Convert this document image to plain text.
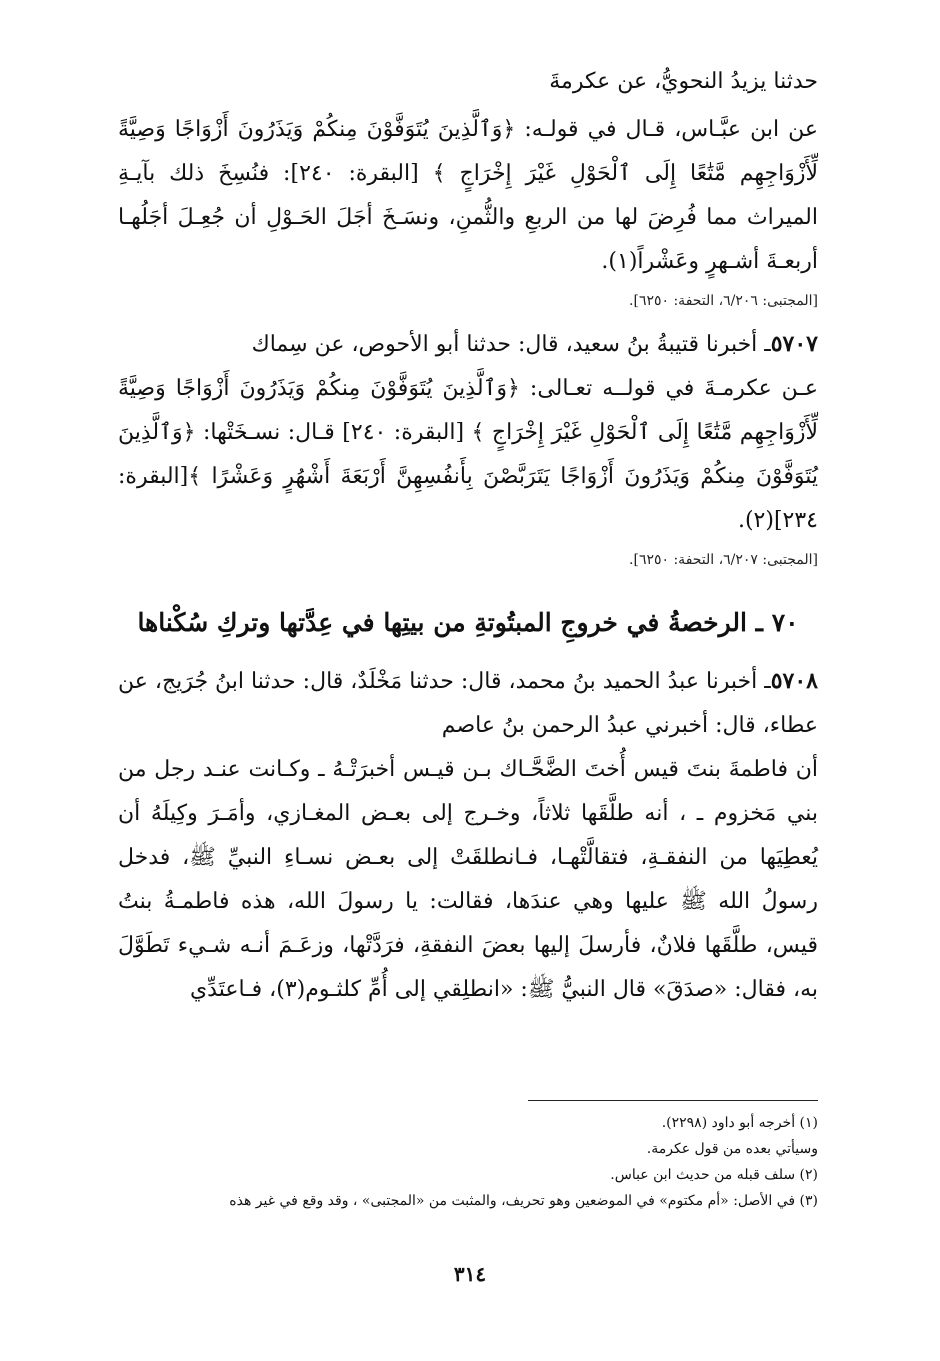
حدثنا يزيدُ النحويُّ، عن عكرمةَ

عن ابن عبَّـاس، قـال في قولـه: ﴿وَٱلَّذِينَ يُتَوَفَّوْنَ مِنكُمْ وَيَذَرُونَ أَزْوَاجًا وَصِيَّةً لِّأَزْوَاجِهِم مَّتَٰعًا إِلَى ٱلْحَوْلِ غَيْرَ إِخْرَاجٍ ﴾ [البقرة: ٢٤٠]: فنُسِخَ ذلك بآيـةِ الميراث مما فُرِضَ لها من الربعِ والثُّمنِ، ونسَـخَ أجَلَ الحَـوْلِ أن جُعِـلَ أجَلُهـا أربعـةَ أشـهرٍ وعَشْراً(١).

[المجتبى: ٦/٢٠٦، التحفة: ٦٢٥٠].

٥٧٠٧ـ أخبرنا قتيبةُ بنُ سعيد، قال: حدثنا أبو الأحوص، عن سِماك

عـن عكرمـةَ في قولــه تعـالى: ﴿وَٱلَّذِينَ يُتَوَفَّوْنَ مِنكُمْ وَيَذَرُونَ أَزْوَاجًا وَصِيَّةً لِّأَزْوَاجِهِم مَّتَٰعًا إِلَى ٱلْحَوْلِ غَيْرَ إِخْرَاجٍ ﴾ [البقرة: ٢٤٠] قـال: نسـخَتْها: ﴿وَٱلَّذِينَ يُتَوَفَّوْنَ مِنكُمْ وَيَذَرُونَ أَزْوَاجًا يَتَرَبَّصْنَ بِأَنفُسِهِنَّ أَرْبَعَةَ أَشْهُرٍ وَعَشْرًا ﴾[البقرة: ٢٣٤](٢).

[المجتبى: ٦/٢٠٧، التحفة: ٦٢٥٠].
٧٠ ـ الرخصةُ في خروجِ المبتُوتةِ من بيتِها في عِدَّتها وتركِ سُكْناها

٥٧٠٨ـ أخبرنا عبدُ الحميد بنُ محمد، قال: حدثنا مَخْلَدٌ، قال: حدثنا ابنُ جُرَيج، عن عطاء، قال: أخبرني عبدُ الرحمن بنُ عاصم

أن فاطمةَ بنتَ قيس أُختَ الضَّحَّـاك بـن قيـس أخبرَتْـهُ ـ وكـانت عنـد رجل من بني مَخزوم ـ ، أنه طلَّقَها ثلاثاً، وخـرج إلى بعـض المغـازي، وأمَـرَ وكِيلَهُ أن يُعطِيَها من النفقـةِ، فتقالَّتْهـا، فـانطلقَتْ إلى بعـض نسـاءِ النبيِّ ﷺ، فدخل رسولُ الله ﷺ عليها وهي عندَها، فقالت: يا رسولَ الله، هذه فاطمـةُ بنتُ قيس، طلَّقَها فلانٌ، فأرسلَ إليها بعضَ النفقةِ، فرَدَّتْها، وزعَـمَ أنـه شـيء تَطَوَّلَ به، فقال: «صدَقَ» قال النبيُّ ﷺ: «انطلِقي إلى أُمِّ كلثـوم(٣)، فـاعتَدِّي

(١) أخرجه أبو داود (٢٢٩٨).
وسيأتي بعده من قول عكرمة.
(٢) سلف قبله من حديث ابن عباس.
(٣) في الأصل: «أم مكتوم» في الموضعين وهو تحريف، والمثبت من «المجتبى» ، وقد وقع في غير هذه
٣١٤
